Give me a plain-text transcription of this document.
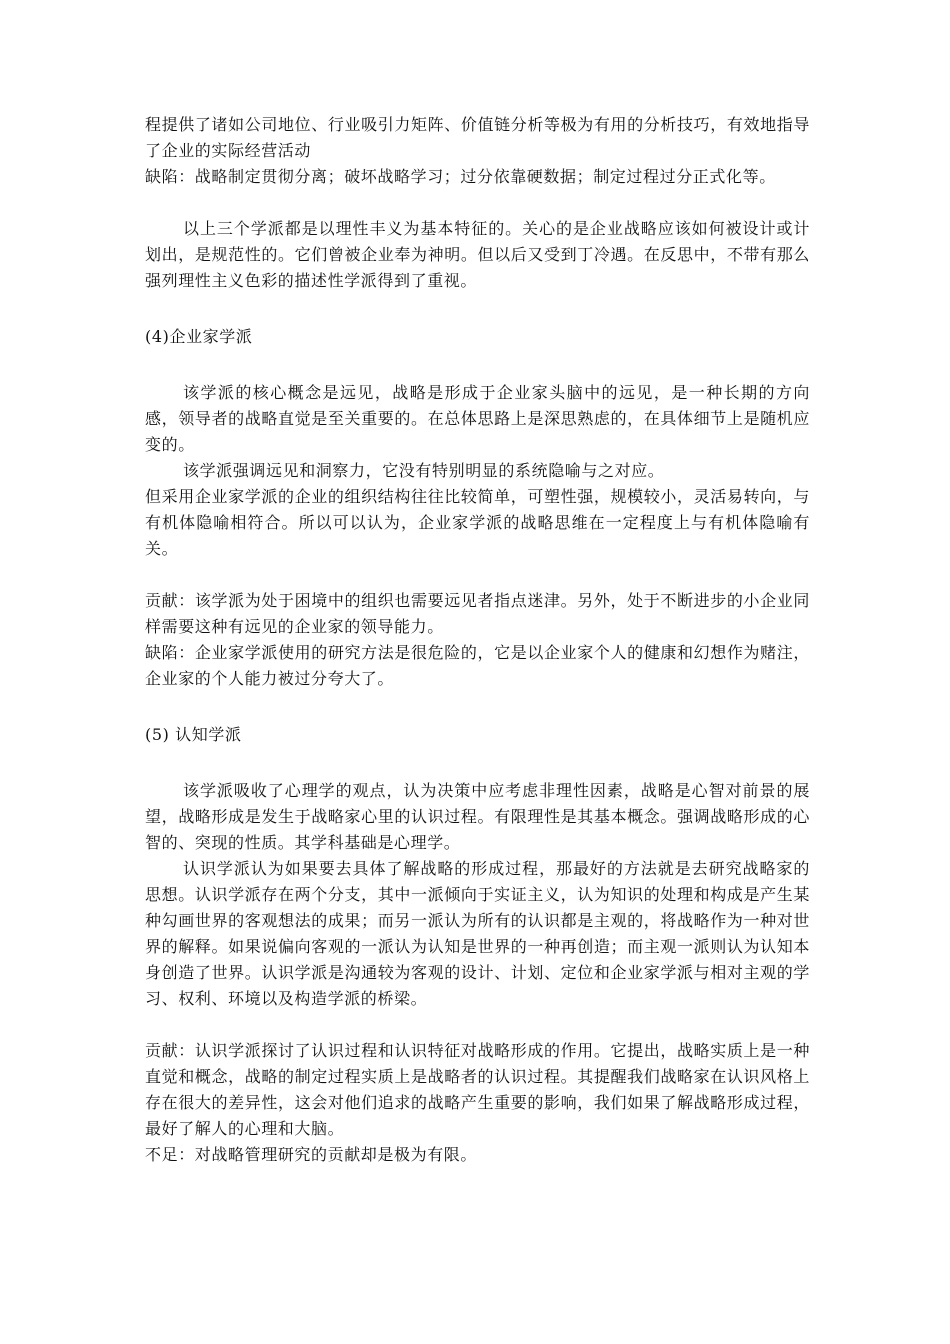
程提供了诸如公司地位、行业吸引力矩阵、价值链分析等极为有用的分析技巧，有效地指导了企业的实际经营活动

缺陷：战略制定贯彻分离；破坏战略学习；过分依靠硬数据；制定过程过分正式化等。

以上三个学派都是以理性丰义为基本特征的。关心的是企业战略应该如何被设计或计划出，是规范性的。它们曾被企业奉为神明。但以后又受到丁冷遇。在反思中，不带有那么强列理性主义色彩的描述性学派得到了重视。

(4)企业家学派

该学派的核心概念是远见，战略是形成于企业家头脑中的远见，是一种长期的方向感，领导者的战略直觉是至关重要的。在总体思路上是深思熟虑的，在具体细节上是随机应变的。

该学派强调远见和洞察力，它没有特别明显的系统隐喻与之对应。

但采用企业家学派的企业的组织结构往往比较简单，可塑性强，规模较小，灵活易转向，与有机体隐喻相符合。所以可以认为，企业家学派的战略思维在一定程度上与有机体隐喻有关。

贡献：该学派为处于困境中的组织也需要远见者指点迷津。另外，处于不断进步的小企业同样需要这种有远见的企业家的领导能力。

缺陷：企业家学派使用的研究方法是很危险的，它是以企业家个人的健康和幻想作为赌注，企业家的个人能力被过分夸大了。

(5) 认知学派

该学派吸收了心理学的观点，认为决策中应考虑非理性因素，战略是心智对前景的展望，战略形成是发生于战略家心里的认识过程。有限理性是其基本概念。强调战略形成的心智的、突现的性质。其学科基础是心理学。

认识学派认为如果要去具体了解战略的形成过程，那最好的方法就是去研究战略家的思想。认识学派存在两个分支，其中一派倾向于实证主义，认为知识的处理和构成是产生某种勾画世界的客观想法的成果；而另一派认为所有的认识都是主观的，将战略作为一种对世界的解释。如果说偏向客观的一派认为认知是世界的一种再创造；而主观一派则认为认知本身创造了世界。认识学派是沟通较为客观的设计、计划、定位和企业家学派与相对主观的学习、权利、环境以及构造学派的桥梁。

贡献：认识学派探讨了认识过程和认识特征对战略形成的作用。它提出，战略实质上是一种直觉和概念，战略的制定过程实质上是战略者的认识过程。其提醒我们战略家在认识风格上存在很大的差异性，这会对他们追求的战略产生重要的影响，我们如果了解战略形成过程，最好了解人的心理和大脑。

不足：对战略管理研究的贡献却是极为有限。
